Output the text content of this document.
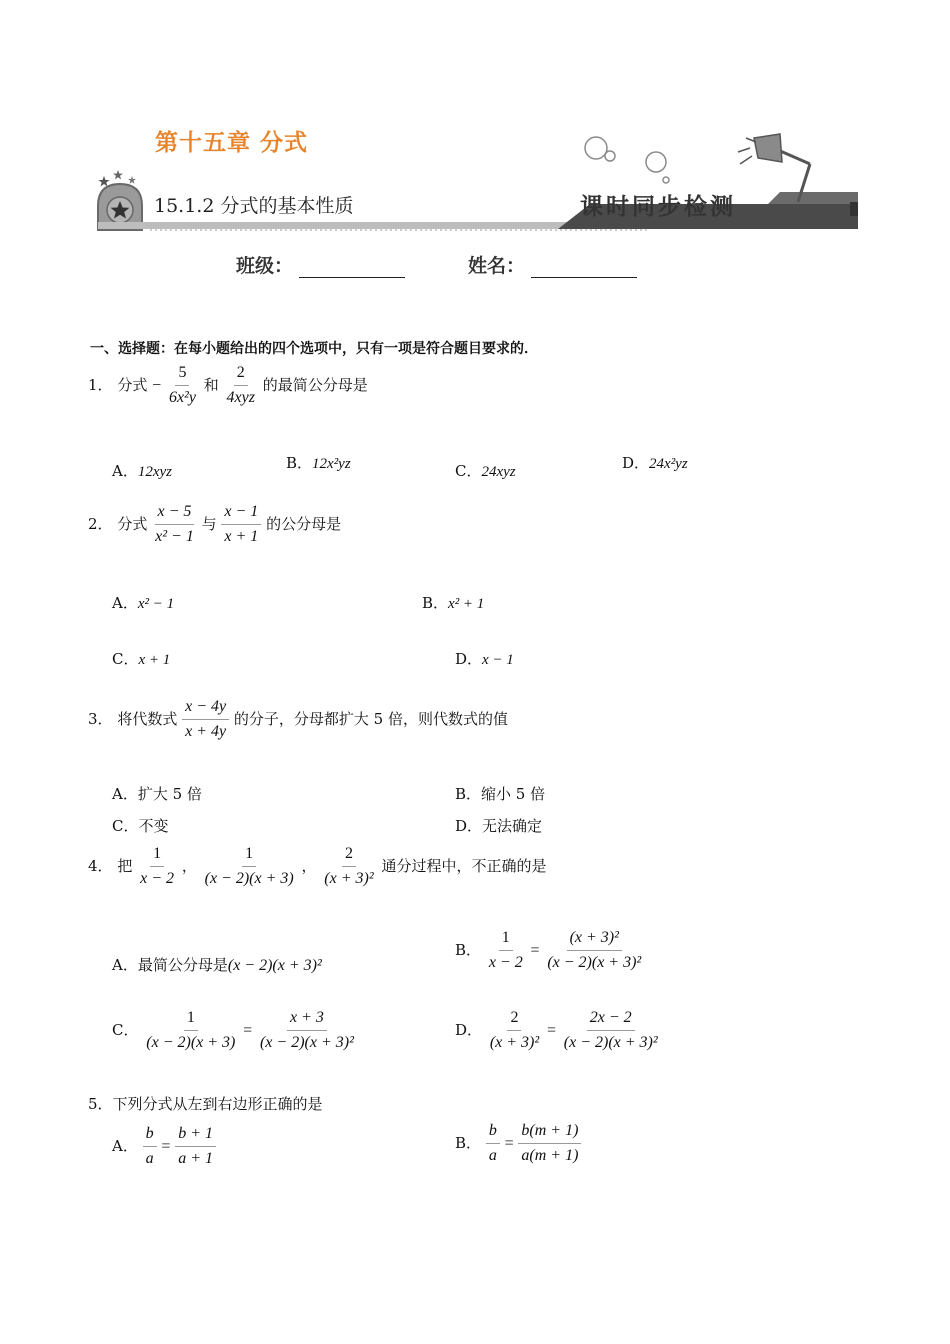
第十五章 分式
15.1.2 分式的基本性质	课时同步检测
班级：	姓名：
一、选择题：在每小题给出的四个选项中，只有一项是符合题目要求的．
1． 分式 − $\frac{5}{\text{6x²y}}$ 和 $\frac{2}{\text{4xyz}}$ 的最简公分母是
A．12xyz	B．12x²yz	C．24xyz	D．24x²yz
2． 分式 $\frac{x - 5}{\text{x² − 1}}$ 与 $\frac{x - 1}{x + 1}$ 的公分母是
A．x² − 1	B．x² + 1
C．x + 1	D．x − 1
3． 将代数式 $\frac{x - 4y}{x + 4y}$ 的分子，分母都扩大 5 倍，则代数式的值
A．扩大 5 倍	B．缩小 5 倍
C．不变	D．无法确定
4． 把 $\frac{1}{x - 2}$ ， $\frac{1}{(x - 2)(x + 3)}$ ， $\frac{2}{\text{(x + 3)²}}$ 通分过程中，不正确的是
A．最简公分母是(x − 2)(x + 3)²
B． $\frac{1}{x - 2} = \frac{\text{(x + 3)²}}{\text{(x − 2)(x + 3)²}}$
C． $\frac{1}{(x - 2)(x + 3)} = \frac{x + 3}{\text{(x − 2)(x + 3)²}}$	D． $\frac{2}{\text{(x + 3)²}} = \frac{2x - 2}{\text{(x − 2)(x + 3)²}}$
5．下列分式从左到右边形正确的是
A． $\frac{b}{a} = \frac{b + 1}{a + 1}$	B． $\frac{b}{a} = \frac{b(m + 1)}{a(m + 1)}$
